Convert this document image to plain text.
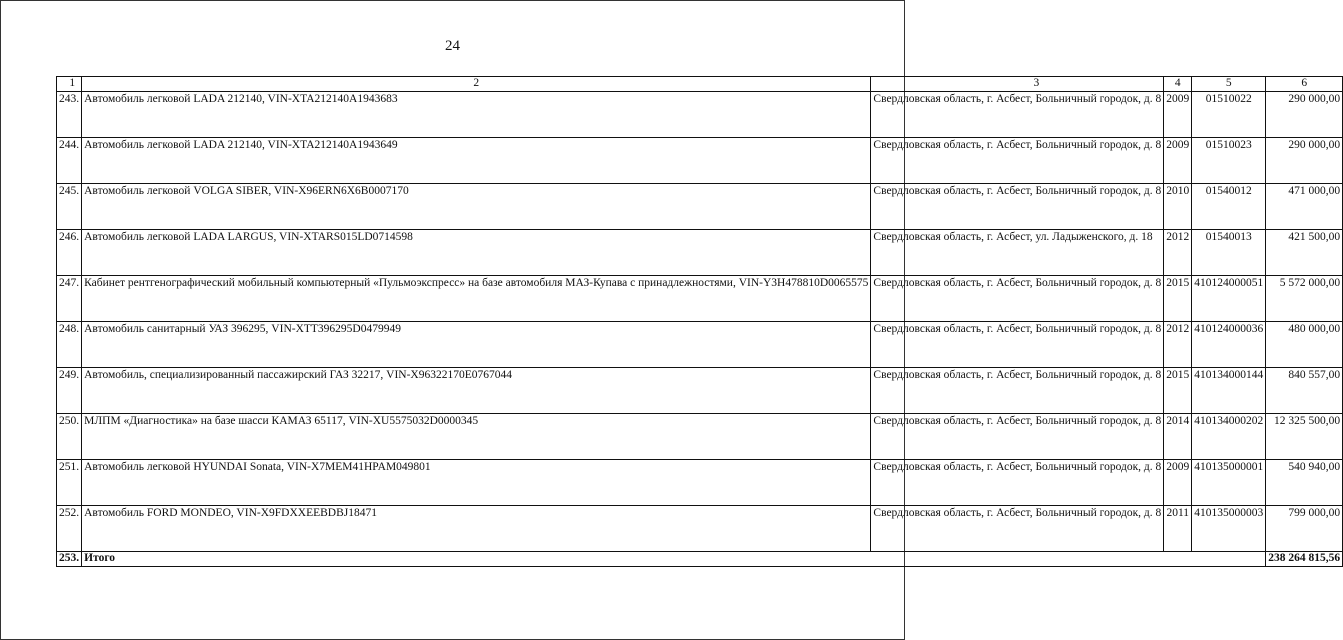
24
1	2	3	4	5	6
243.	Автомобиль легковой LADA 212140, VIN-XTA212140A1943683	Свердловская область, г. Асбест, Больничный городок, д. 8	2009	01510022	290 000,00
244.	Автомобиль легковой LADA 212140, VIN-XTA212140A1943649	Свердловская область, г. Асбест, Больничный городок, д. 8	2009	01510023	290 000,00
245.	Автомобиль легковой VOLGA SIBER, VIN-X96ERN6X6B0007170	Свердловская область, г. Асбест, Больничный городок, д. 8	2010	01540012	471 000,00
246.	Автомобиль легковой LADA LARGUS, VIN-XTARS015LD0714598	Свердловская область, г. Асбест, ул. Ладыженского, д. 18	2012	01540013	421 500,00
247.	Кабинет рентгенографический мобильный компьютерный «Пульмоэкспресс» на базе автомобиля МАЗ-Купава с принадлежностями, VIN-Y3H478810D0065575	Свердловская область, г. Асбест, Больничный городок, д. 8	2015	410124000051	5 572 000,00
248.	Автомобиль санитарный УАЗ 396295, VIN-XTT396295D0479949	Свердловская область, г. Асбест, Больничный городок, д. 8	2012	410124000036	480 000,00
249.	Автомобиль, специализированный пассажирский ГАЗ 32217, VIN-X96322170E0767044	Свердловская область, г. Асбест, Больничный городок, д. 8	2015	410134000144	840 557,00
250.	МЛПМ «Диагностика» на базе шасси КАМАЗ 65117, VIN-XU5575032D0000345	Свердловская область, г. Асбест, Больничный городок, д. 8	2014	410134000202	12 325 500,00
251.	Автомобиль легковой HYUNDAI Sonata, VIN-X7MEM41HPAM049801	Свердловская область, г. Асбест, Больничный городок, д. 8	2009	410135000001	540 940,00
252.	Автомобиль FORD MONDEO, VIN-X9FDXXEEBDBJ18471	Свердловская область, г. Асбест, Больничный городок, д. 8	2011	410135000003	799 000,00
253.	Итого				238 264 815,56
